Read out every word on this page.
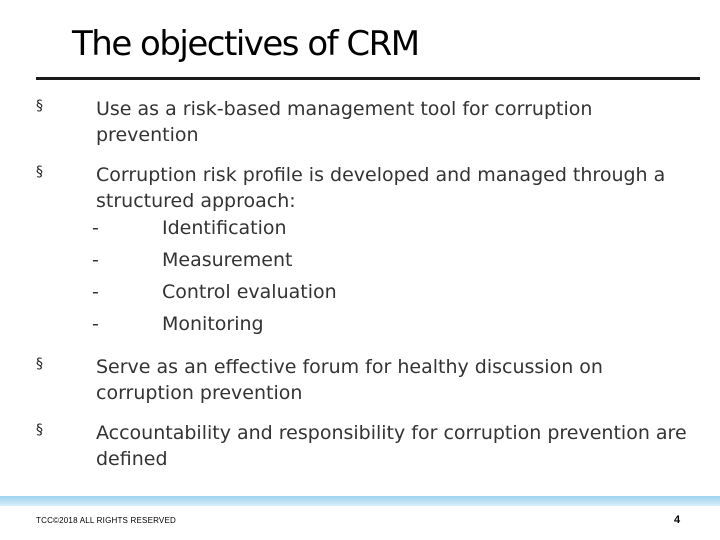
The objectives of CRM
§	Use as a risk-based management tool for corruption prevention
§	Corruption risk profile is developed and managed through a structured approach:
-	Identification
-	Measurement
-	Control evaluation
-	Monitoring
§	Serve as an effective forum for healthy discussion on corruption prevention
§	Accountability and responsibility for corruption prevention are defined
TCC©2018 ALL RIGHTS RESERVED	4
